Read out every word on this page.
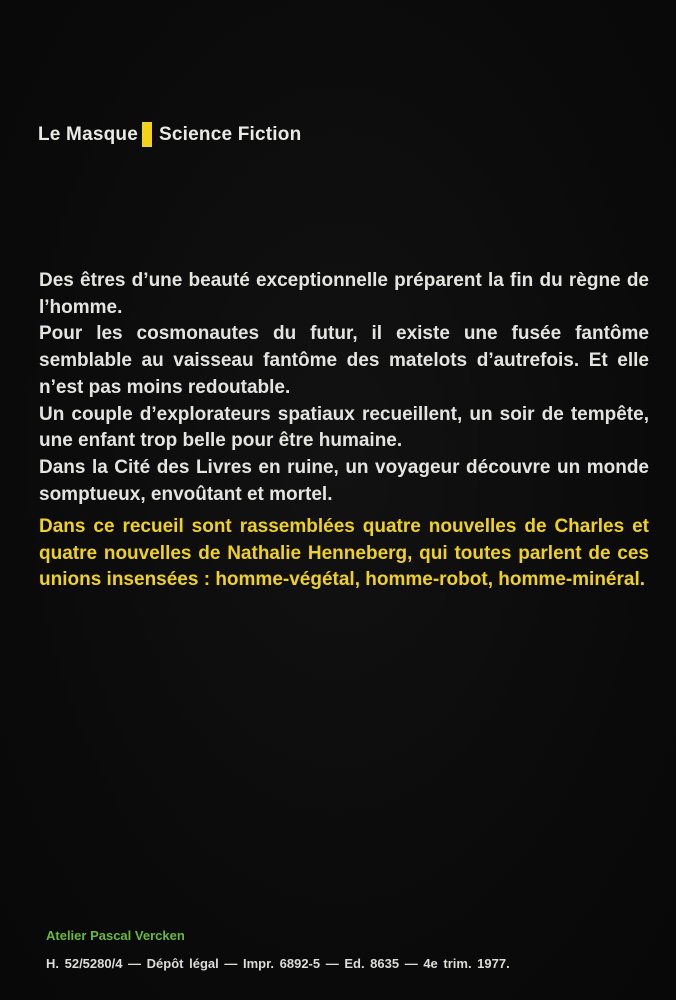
Le Masque Science Fiction

Des êtres d’une beauté exceptionnelle préparent la fin du règne de l’homme.

Pour les cosmonautes du futur, il existe une fusée fantôme semblable au vaisseau fantôme des matelots d’autrefois. Et elle n’est pas moins redoutable.

Un couple d’explorateurs spatiaux recueillent, un soir de tempête, une enfant trop belle pour être humaine.

Dans la Cité des Livres en ruine, un voyageur découvre un monde somptueux, envoûtant et mortel.

Dans ce recueil sont rassemblées quatre nouvelles de Charles et quatre nouvelles de Nathalie Henneberg, qui toutes parlent de ces unions insensées : homme-végétal, homme-robot, homme-minéral.

Atelier Pascal Vercken
H. 52/5280/4 — Dépôt légal — Impr. 6892-5 — Ed. 8635 — 4e trim. 1977.
